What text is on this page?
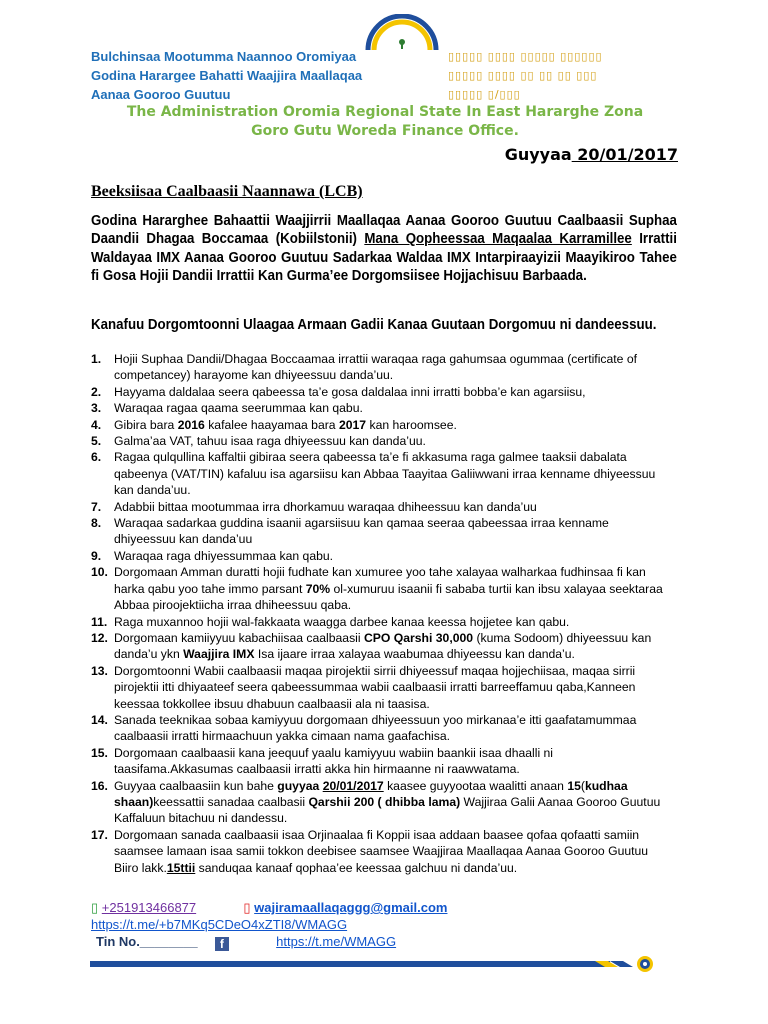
Bulchinsaa Mootumma Naannoo Oromiyaa
Godina Harargee Bahatti Waajjira Maallaqaa
Aanaa Gooroo Guutuu
▯▯▯▯▯ ▯▯▯▯ ▯▯▯▯▯ ▯▯▯▯▯▯
▯▯▯▯▯ ▯▯▯▯ ▯▯ ▯▯ ▯▯ ▯▯▯
▯▯▯▯▯ ▯/▯▯▯
The Administration Oromia Regional State In East Hararghe Zona
Goro Gutu Woreda Finance Office.
Guyyaa 20/01/2017
Beeksiisaa Caalbaasii Naannawa (LCB)
Godina Hararghee Bahaattii Waajjirrii Maallaqaa Aanaa Gooroo Guutuu Caalbaasii Suphaa Daandii Dhagaa Boccamaa (Kobiilstonii) Mana Qopheessaa Maqaalaa Karramillee Irrattii Waldayaa IMX Aanaa Gooroo Guutuu Sadarkaa Waldaa IMX Intarpiraayizii Maayikiroo Tahee fi Gosa Hojii Dandii Irrattii Kan Gurma’ee Dorgomsiisee Hojjachisuu Barbaada.
Kanafuu Dorgomtoonni Ulaagaa Armaan Gadii Kanaa Guutaan Dorgomuu ni dandeessuu.
1. Hojii Suphaa Dandii/Dhagaa Boccaamaa irrattii waraqaa raga gahumsaa ogummaa (certificate of competancey) harayome kan dhiyeessuu danda’uu.
2. Hayyama daldalaa seera qabeessa ta’e gosa daldalaa inni irratti bobba’e kan agarsiisu,
3. Waraqaa ragaa qaama seerummaa kan qabu.
4. Gibira bara 2016 kafalee haayamaa bara 2017 kan haroomsee.
5. Galma’aa VAT, tahuu isaa raga dhiyeessuu kan danda’uu.
6. Ragaa qulqullina kaffaltii gibiraa seera qabeessa ta’e fi akkasuma raga galmee taaksii dabalata qabeenya (VAT/TIN) kafaluu isa agarsiisu kan Abbaa Taayitaa Galiiwwani irraa kenname dhiyeessuu kan danda’uu.
7. Adabbii bittaa mootummaa irra dhorkamuu waraqaa dhiheessuu kan danda’uu
8. Waraqaa sadarkaa guddina isaanii agarsiisuu kan qamaa seeraa qabeessaa irraa kenname dhiyeessuu kan danda’uu
9. Waraqaa raga dhiyessummaa kan qabu.
10. Dorgomaan Amman duratti hojii fudhate kan xumuree yoo tahe xalayaa walharkaa fudhinsaa fi kan harka qabu yoo tahe immo parsant 70% ol-xumuruu isaanii fi sababa turtii kan ibsu xalayaa seektaraa Abbaa piroojektiicha irraa dhiheessuu qaba.
11. Raga muxannoo hojii wal-fakkaata waagga darbee kanaa keessa hojjetee kan qabu.
12. Dorgomaan kamiiyyuu kabachiisaa caalbaasii CPO Qarshi 30,000 (kuma Sodoom) dhiyeessuu kan danda’u ykn Waajjira IMX Isa ijaare irraa xalayaa waabumaa dhiyeessu kan danda’u.
13. Dorgomtoonni Wabii caalbaasii maqaa pirojektii sirrii dhiyeessuf maqaa hojjechiisaa, maqaa sirrii pirojektii itti dhiyaateef seera qabeessummaa wabii caalbaasii irratti barreeffamuu qaba,Kanneen keessaa tokkollee ibsuu dhabuun caalbaasii ala ni taasisa.
14. Sanada teeknikaa sobaa kamiyyuu dorgomaan dhiyeessuun yoo mirkanaa’e itti gaafatamummaa caalbaasii irratti hirmaachuun yakka cimaan nama gaafachisa.
15. Dorgomaan caalbaasii kana jeequuf yaalu kamiyyuu wabiin baankii isaa dhaalli ni taasifama.Akkasumas caalbaasii irratti akka hin hirmaanne ni raawwatama.
16. Guyyaa caalbaasiin kun bahe guyyaa 20/01/2017 kaasee guyyootaa waalitti anaan 15(kudhaa shaan)keessattii sanadaa caalbasii Qarshii 200 ( dhibba lama) Wajjiraa Galii Aanaa Gooroo Guutuu Kaffaluun bitachuu ni dandessu.
17. Dorgomaan sanada caalbaasii isaa Orjinaalaa fi Koppii isaa addaan baasee qofaa qofaatti samiin saamsee lamaan isaa samii tokkon deebisee saamsee Waajjiraa Maallaqaa Aanaa Gooroo Guutuu Biiro lakk.15ttii sanduqaa kanaaf qophaa’ee keessaa galchuu ni danda’uu.
▯ +251913466877	▯ wajiramaallaqaggg@gmail.com
https://t.me/+b7MKq5CDeO4xZTI8/WMAGG
Tin No.________ f	https://t.me/WMAGG
